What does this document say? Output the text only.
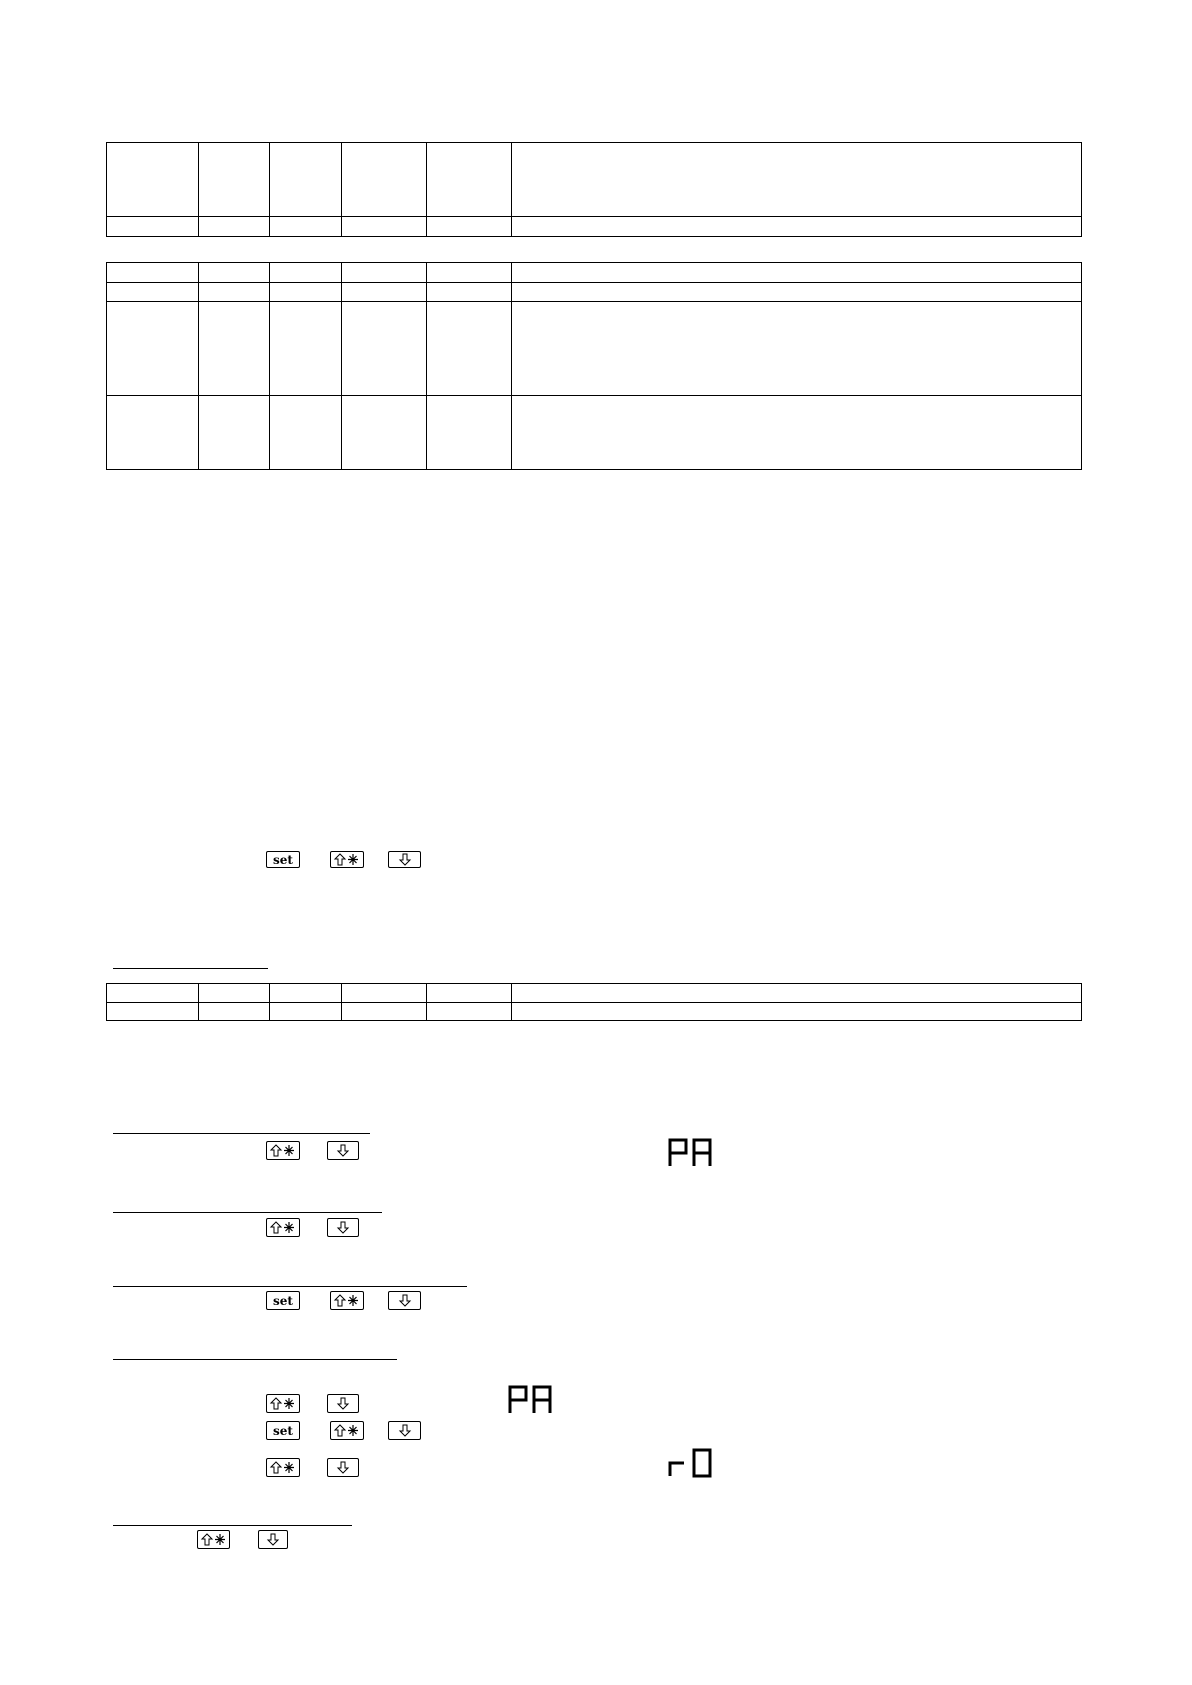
set

set
set
